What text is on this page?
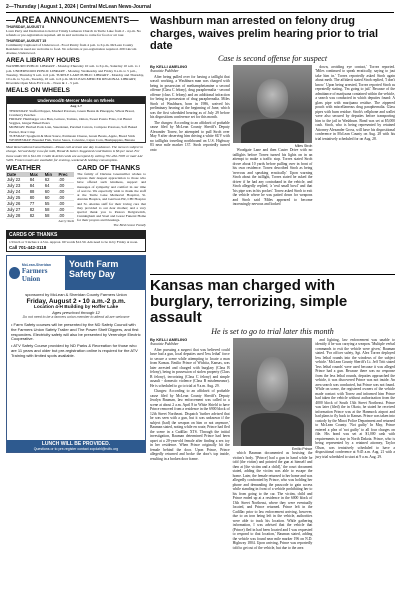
2—Thursday | August 1, 2024 | Central McLean News-Journal
—AREA ANNOUNCEMENTS—
THURSDAY, AUGUST 8
Lawn Party and Dedication is held at Trinity Lutheran Church in Turtle Lake from 2 - 4 p.m. No refunds or pre-registration required. All in and welcome to come for food or art tour.
THURSDAY, AUGUST 15
Community Cupboard of Underwood - Food Pantry from 4 p.m. to 6 p.m. McLean County Residents in need are welcome to food. No referrals or pre-registration required. 209 Lincoln Avenue, Underwood.
AREA LIBRARY HOURS
WASHBURN PUBLIC LIBRARY - Monday-Thursday 10 a.m. to 6 p.m., Saturday 10 a.m. to 1 p.m. UNDERWOOD PUBLIC LIBRARY - Monday, Wednesday and Friday 9 a.m. to 5 p.m., Tuesday, Thursday 9 a.m. to 6 p.m. TURTLE LAKE PUBLIC LIBRARY - Monday and Thursday, 10 a.m. to 5 p.m., Tuesday, 10 a.m. to 6 p.m. McCLEAN-MERCER REGIONAL LIBRARY, Riverdale Open Mon-Fri 9 a.m. - Noon & 1 - 5 p.m.
MEALS ON WHEELS
Underwood/E-Mercer Meals on Wheels
Aug 1-7
THURSDAY: Stuffed Pepper, Mashed Potatoes, Green Beans & Pineapple, Wheat Bread, Cranberry Peaches
FRIDAY: Hamburger on a Bun, Lettuce, Tomato, Onion, Sweet Potato Fries, Cal Blend Veggies, Ginger Baked Pears
MONDAY: Herbed Pork Loin, Sauerkraut, Parslied Carrots, Compote Potatoes, Soft Baked Pretzel, Pear Crisp
TUESDAY: Spaghetti & Meat Sauce, Parmesan Cheese, Green Beans, Apple, Bread Stick
WEDNESDAY: Breaded Fish, Tartar Sauce, Coleslaw, Cajun Corn, Hushpuppies, Banana
Meal Reservations/Cancellations - Please call at least one day in advance. The menu is subject to change. Served daily: Low-fat milk, Bread & butter. Suggested contribution is $6 per meal. For those under 60 is $12.00. Credit & debit cards are accepted by calling 701-262-7005 or mail 442 5409. Frozen meals are available for evening, weekend & holiday consumption.
WEATHER
Date	Max	Min	Prec
July 22	84	62	.00
July 23	84	64	.00
July 24	88	60	.00
July 25	80	60	.00
July 26	77	55	.00
July 27	82	58	.00
July 28	82	58	.00
Larry Stelz
CARD OF THANKS
The family of Darlene Greenwiller wishes to express their deepest appreciation to those who have offered such kindness, support and messages of sympathy and comfort in our time of sorrow. We especially wish to thank the staff at the Turtle Lake Memorial Hospital, St. Alexius Hospice, and Garrison ER, CHI Hospice and St. Alexius staff for their loving care that they provided to our dear mother; and a very special thank you to Pastors Delgrawitch, Cunningham and Staal and Gorez Funeral Home for their prayers and blessings.
The Bird Grave Family
CARDS OF THANKS
1/9 inch or 3 inches x 4.5 in. Approx. 60 words $12.50. Ads need to be in by Friday at noon.
Call 701-442-3118
McLean-Sheridan
Farmers Union
Youth Farm Safety Day
sponsored by McLean & Sheridan County Farmers Union
Friday, August 2 • 10 a.m.-2 p.m.
Location 4-H Building by Hoffer Lake
Ages preschool through 12
Do not need to be a farmers union member to attend all are welcome
• Farm Safety courses will be presented by the ND Safety Council with the Farmers Union Safety Trailer and The Power Shelf Diggers, and first responders. Electricity safety will also be presented by Verendrye Electric Cooperative.
• ATV Safety Course provided by ND Parks & Recreation for those who are 11 years and older but pre-registration online is required for the ATV Training with limited spots available.
LUNCH WILL BE PROVIDED.
Questions or to pre-register contact zopdahl@ndfu.org
Washburn man arrested on felony drug charges, waives prelim hearing prior to trial date
Case is second offense for suspect
By KELLI AMELING
Associate Publisher

After being pulled over for having a taillight that wasn't working, a Washburn man was charged with being in possession of methamphetamine a second offense (Class C felony), drug paraphernalia - second offense (class C felony) and an additional infraction for being in possession of drug paraphernalia. Miles Stroh of Washburn, born in 1986, waived his preliminary hearing at the beginning of June, which was the first scheduled hearing as of July 29 before his dispositions conference set for this month.

The charges: According to an affidavit of probable cause filed by McLean County Sheriff's Deputy Alexander Torrez, he attempted to pull Stroh over May 9 after observing him driving a white SUV with no taillights traveling northbound on U.S. Highway 83 near mile marker 137. Stroh reportedly turned onto

Miles Stroh

Woodgate Lane and then Custer Drive with no taillights before Torrez turned his lights on in an attempt to make a traffic stop. Torrez stated Stroh drove about 10 yards before pulling over in front of his own residence. Torrez described Stroh as being 'nervous and speaking erratically.' Upon warning Stroh about the taillight, Torrez stated he asked the driver if he had any contraband in the vehicle, and Stroh allegedly replied, 'a 'real small bowl' and that 'his pipe was in his pocket.' Torrez asked Stroh to exit the vehicle where he was patted down for weapons and Stroh said 'Miles appeared to become increasingly nervous and looked

down, avoiding eye contact,' Torrez reported. 'Miles continued to speak erratically, saying to just take him in.' Torrez reportedly asked Stroh again about meth. The affidavit stated Stroh replied, 'I don't know.' Upon being arrested, Torrez reported Stroh as repeatedly stating, 'I'm going to jail.' Because of the admittance of marijuana contained within the vehicle, a search was conducted in which deputies found: A glass pipe with marijuana residue. The zippered pouch with miscellaneous drug paraphernalia. Glass pipes with burn residue. Stroh's cellphone and wallet were also secured by deputies before transporting him to the jail in Washburn. Bond was set at $5,000 cash. Stroh, who is being represented by retained Attorney Alexander Gross, will have his dispositional conference in McLean County on Aug. 28 with his trial tentatively scheduled for on Aug. 28.

Kansas man charged with burglary, terrorizing, simple assault
He is set to go to trial later this month
By KELLI AMELING
Associate Publisher

After pursuing a suspect that was believed could have had a gun, local deputies used 'less lethal' force to secure a scene while attempting to locate a man from Kansas. Emilio Prince of Wichita, Kansas, was later arrested and charged with burglary (Class B felony), being in possession of stolen property (Class B felony), terrorizing (Class C felony) and simple assault - domestic violence (Class B misdemeanor). He is scheduled to go to trial at 9 a.m. Aug. 29.

Charges: According to an affidavit of probable cause filed by McLean County Sheriff's Deputy Jeralyn Bauman, law enforcement was called to a scene at about 2 a.m. April 8 in White Shield to have Prince removed from a residence in the 6900 block of 12th Street Northeast. Dispatch 'further advised that he was seen with a gun, but it was unknown if the subject (had) the weapon on him or not anymore,' Bauman stated, noting while en route, Prince had fled the scene in a Cadillac XTS. Through the initial investigation, Bauman determined Prince had been upset at a 20-year-old female after finding a sex toy in her residence. When Prince originally hit the female behind the door. Upon Prince, Prince allegedly returned and broke the door's top inside, resulting in a broken door frame.

Emilio Prince

which Bauman documented as bruising the victim's body. '[Prince] had a gun in hand while he told (the victim) and pointed the gun at himself and then at [the victim and a child],' the court document stated, adding the victim was able to escape the home. Later, the female returned to her home and was allegedly confronted by Prince, who was holding her phone and demanding the passcode to gain access while standing in front of a vehicle prohibiting her to his from going to the car. The victim, child and Prince ended up at a residence in the 6000 block of 13th Street Northeast, where they were eventually located, and Prince returned. Prince left in the Cadillac prior to law enforcement arriving, however, due to an iron being left in the vehicle, authorities were able to track his location. While gathering information, I was advised that the vehicle that (Prince) fled in had been located and I was requested to respond to that location,' Bauman stated, adding the vehicle was found near mile marker 196 on N.D. Highway 1804. Upon arriving, Prince was reportedly told to get out of the vehicle, but due to the area

and lighting, law enforcement was unable to identify if he was carrying a weapon. 'Multiple verbal commands to exit the vehicle were given,' Bauman stated. 'For officer safety, Sgt. Alex Torrez deployed less lethal rounds into the windows of the subject vehicle.' McLean County Sheriff's Lt. Jeff Tritt stated 'less lethal rounds' were used because it was alleged Prince had a gun. Because there was no response from the less lethal rounds, deputies approached the vehicle, it was discovered Prince was not inside. An area search was conducted, but Prince was not found. While on scene, the registered owners of the vehicle made contact with Torrez and informed him Prince had taken the vehicle without authorization from the 4000 block of South 13th Street Northeast. Prince was later (filed) the in Okoto, he stated he received information Prince was at the Hanmock airport and had plans to fly back to Kansas. Prince was taken into custody by the Minot Police Department and returned to McLean County. 'Not guilty' In May, Prince entered a plea of 'not guilty' to all four charges on file. His bond was set at $1,000 cash with requirements to stay in North Dakota. Prince, who is being represented by a retained attorney, Taylor Olson, was tentatively scheduled to have a dispositional conference at 9:45 a.m. Aug. 21 with a jury trial scheduled to start at 9 a.m. Aug. 29.
